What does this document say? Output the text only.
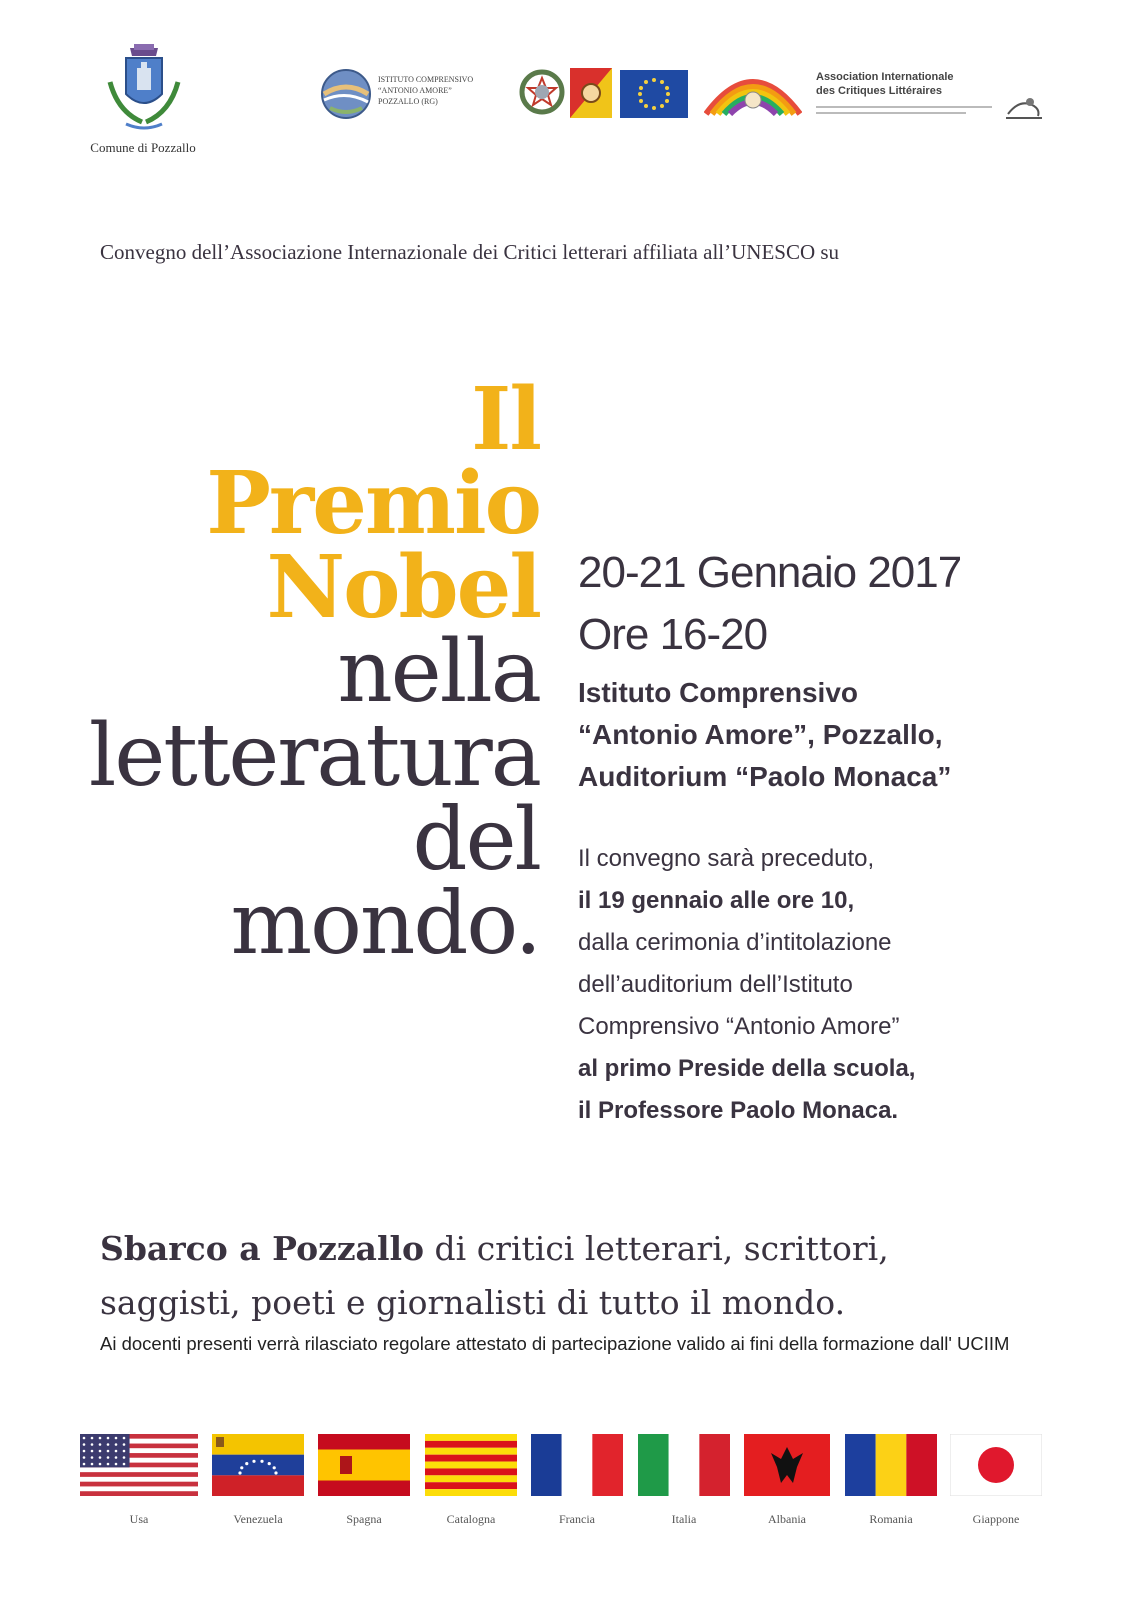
Comune di Pozzallo
ISTITUTO COMPRENSIVO
“ANTONIO AMORE”
POZZALLO (RG)
Association Internationale
des Critiques Littéraires
Convegno dell’Associazione Internazionale dei Critici letterari affiliata all’UNESCO su
Il
Premio
Nobel
nella
letteratura
del
mondo.
20-21 Gennaio 2017
Ore 16-20
Istituto Comprensivo
“Antonio Amore”, Pozzallo,
Auditorium “Paolo Monaca”
Il convegno sarà preceduto,
il 19 gennaio alle ore 10,
dalla cerimonia d’intitolazione
dell’auditorium dell’Istituto
Comprensivo “Antonio Amore”
al primo Preside della scuola,
il Professore Paolo Monaca.
Sbarco a Pozzallo di critici letterari, scrittori,
saggisti, poeti e giornalisti di tutto il mondo.
Ai docenti presenti verrà rilasciato regolare attestato di partecipazione valido ai fini della formazione dall' UCIIM
Usa	Venezuela	Spagna	Catalogna	Francia	Italia	Albania	Romania	Giappone
